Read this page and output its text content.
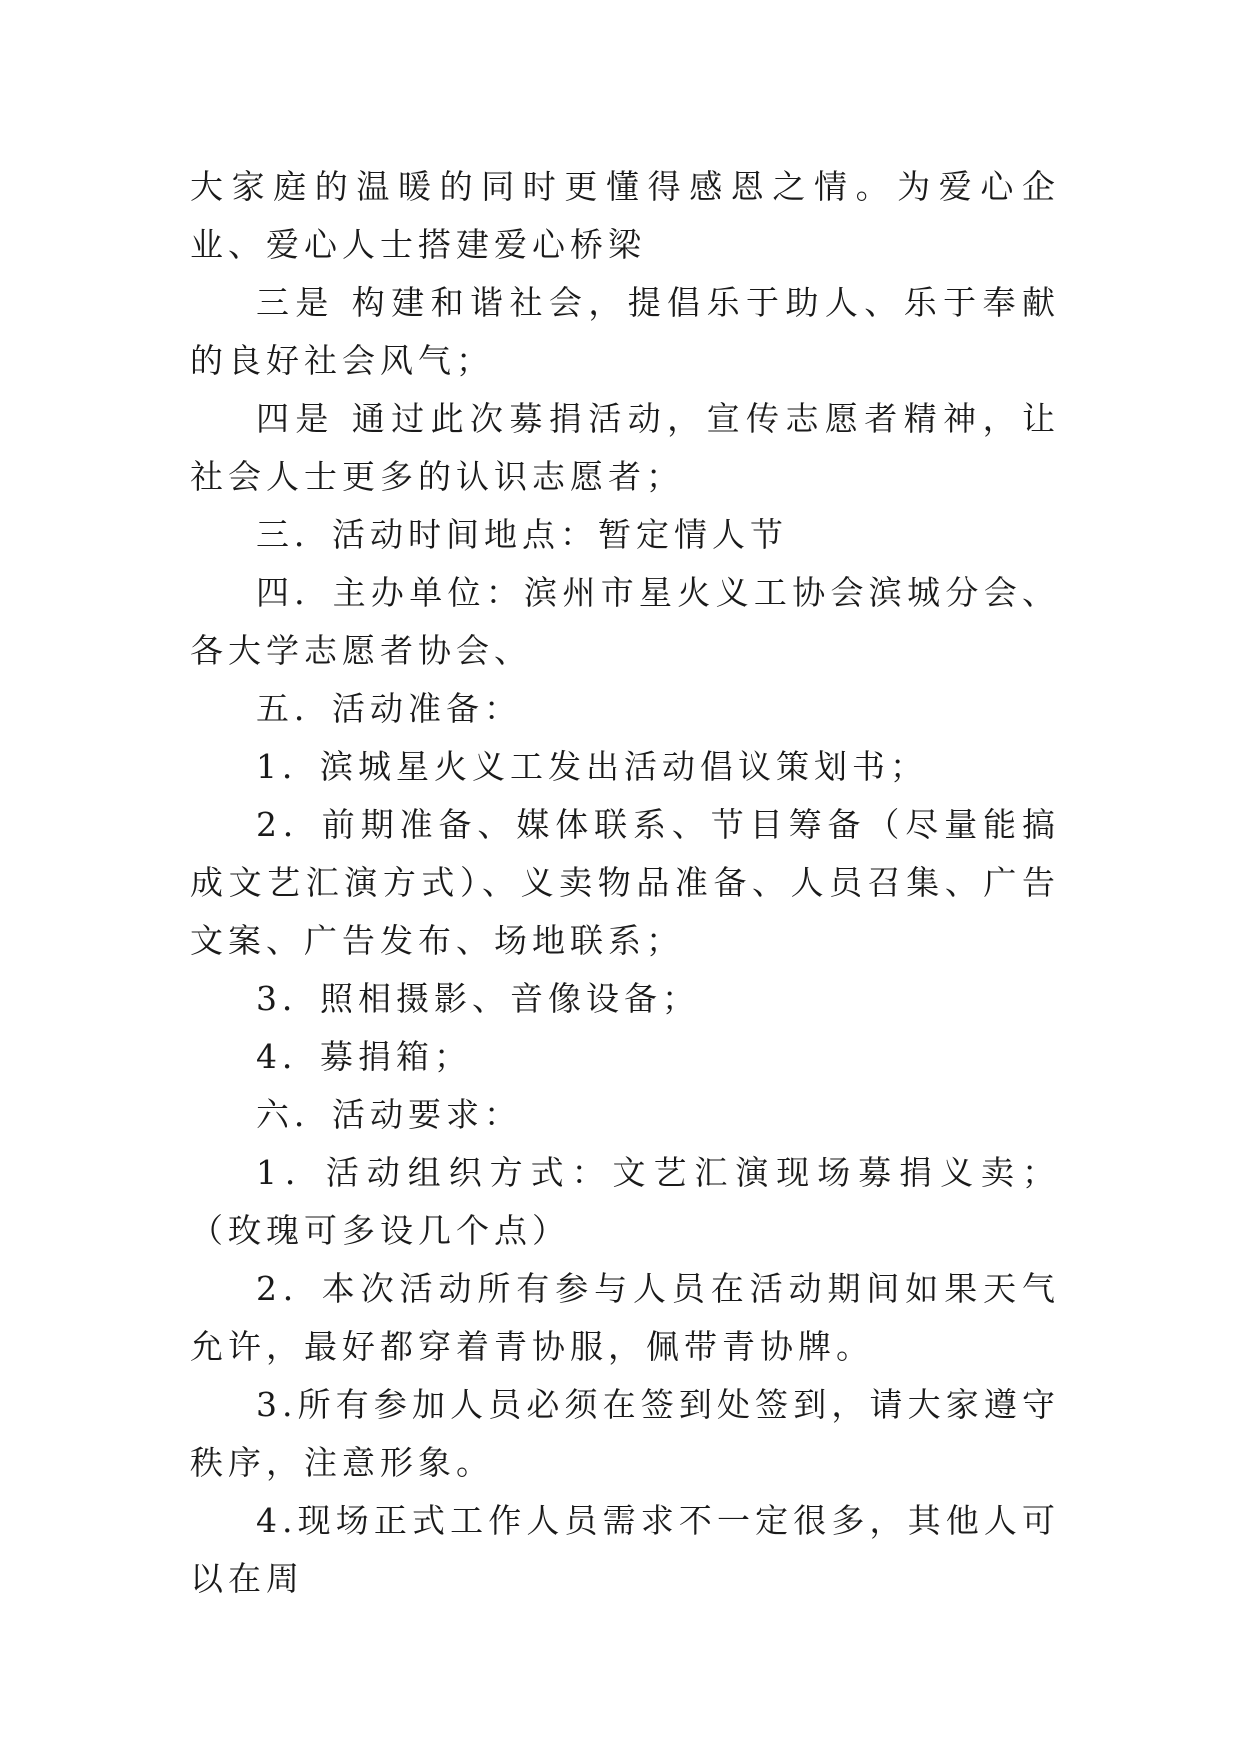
大家庭的温暖的同时更懂得感恩之情。为爱心企业、爱心人士搭建爱心桥梁

三是 构建和谐社会，提倡乐于助人、乐于奉献的良好社会风气；

四是 通过此次募捐活动，宣传志愿者精神，让社会人士更多的认识志愿者；

三．活动时间地点：暂定情人节

四．主办单位：滨州市星火义工协会滨城分会、各大学志愿者协会、

五．活动准备：

1．滨城星火义工发出活动倡议策划书；

2．前期准备、媒体联系、节目筹备（尽量能搞成文艺汇演方式）、义卖物品准备、人员召集、广告文案、广告发布、场地联系；

3．照相摄影、音像设备；

4．募捐箱；

六．活动要求：

1．活动组织方式：文艺汇演现场募捐义卖；（玫瑰可多设几个点）

2．本次活动所有参与人员在活动期间如果天气允许，最好都穿着青协服，佩带青协牌。

3.所有参加人员必须在签到处签到，请大家遵守秩序，注意形象。

4.现场正式工作人员需求不一定很多，其他人可以在周
